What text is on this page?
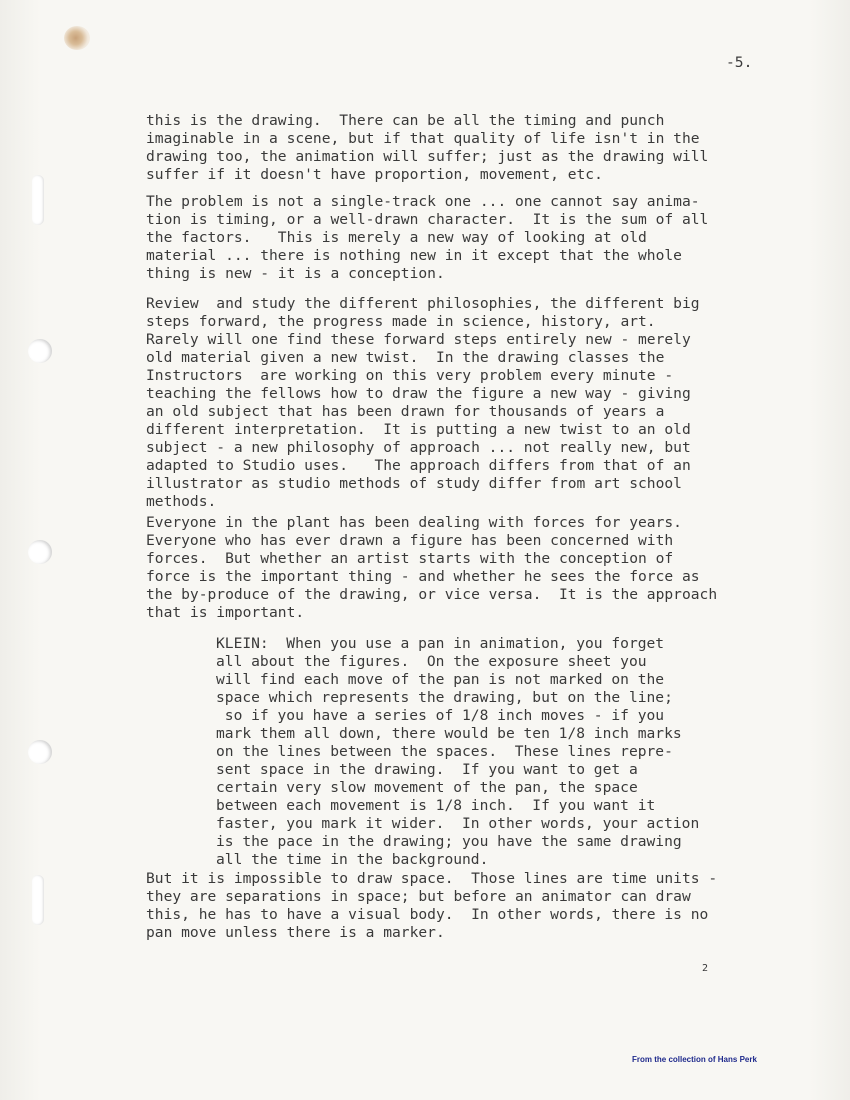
-5.

this is the drawing.  There can be all the timing and punch
imaginable in a scene, but if that quality of life isn't in the
drawing too, the animation will suffer; just as the drawing will
suffer if it doesn't have proportion, movement, etc.

The problem is not a single-track one ... one cannot say anima-
tion is timing, or a well-drawn character.  It is the sum of all
the factors.   This is merely a new way of looking at old
material ... there is nothing new in it except that the whole
thing is new - it is a conception.

Review  and study the different philosophies, the different big
steps forward, the progress made in science, history, art.
Rarely will one find these forward steps entirely new - merely
old material given a new twist.  In the drawing classes the
Instructors  are working on this very problem every minute -
teaching the fellows how to draw the figure a new way - giving
an old subject that has been drawn for thousands of years a
different interpretation.  It is putting a new twist to an old
subject - a new philosophy of approach ... not really new, but
adapted to Studio uses.   The approach differs from that of an
illustrator as studio methods of study differ from art school
methods.

Everyone in the plant has been dealing with forces for years.
Everyone who has ever drawn a figure has been concerned with
forces.  But whether an artist starts with the conception of
force is the important thing - and whether he sees the force as
the by-produce of the drawing, or vice versa.  It is the approach
that is important.

KLEIN:  When you use a pan in animation, you forget
all about the figures.  On the exposure sheet you
will find each move of the pan is not marked on the
space which represents the drawing, but on the line;
so if you have a series of 1/8 inch moves - if you
mark them all down, there would be ten 1/8 inch marks
on the lines between the spaces.  These lines repre-
sent space in the drawing.  If you want to get a
certain very slow movement of the pan, the space
between each movement is 1/8 inch.  If you want it
faster, you mark it wider.  In other words, your action
is the pace in the drawing; you have the same drawing
all the time in the background.

But it is impossible to draw space.  Those lines are time units -
they are separations in space; but before an animator can draw
this, he has to have a visual body.  In other words, there is no
pan move unless there is a marker.

2
From the collection of Hans Perk
